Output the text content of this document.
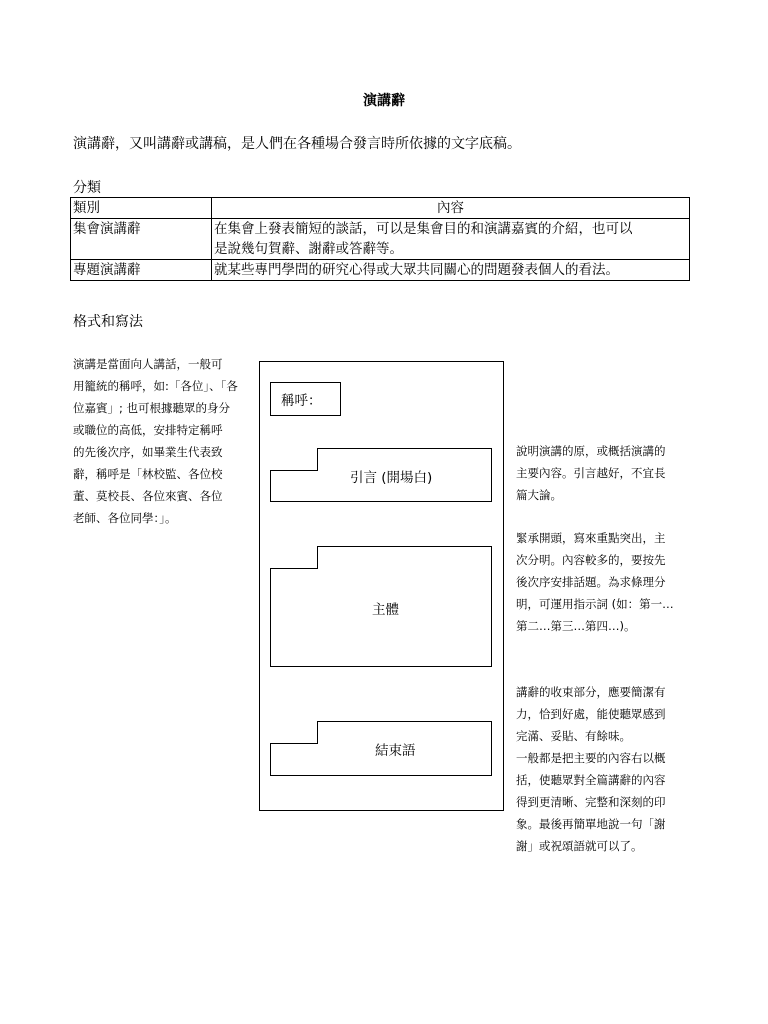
演講辭
演講辭，又叫講辭或講稿，是人們在各種場合發言時所依據的文字底稿。
分類
類別	內容
集會演講辭	在集會上發表簡短的談話，可以是集會目的和演講嘉賓的介紹，也可以
是說幾句賀辭、謝辭或答辭等。

專題演講辭	就某些專門學問的研究心得或大眾共同關心的問題發表個人的看法。
格式和寫法
演講是當面向人講話，一般可
用籠統的稱呼，如:「各位」、「各
位嘉賓」; 也可根據聽眾的身分
或職位的高低，安排特定稱呼
的先後次序，如畢業生代表致
辭，稱呼是「林校監、各位校
董、莫校長、各位來賓、各位
老師、各位同學：」。
稱呼：
引言 (開場白)
主體
結束語
說明演講的原，或概括演講的
主要內容。引言越好，不宜長
篇大論。
緊承開頭，寫來重點突出，主
次分明。內容較多的，要按先
後次序安排話題。為求條理分
明，可運用指示詞 (如：第一…
第二…第三…第四…)。
講辭的收束部分，應要簡潔有
力，恰到好處，能使聽眾感到
完滿、妥貼、有餘味。
一般都是把主要的內容右以概
括，使聽眾對全篇講辭的內容
得到更清晰、完整和深刻的印
象。最後再簡單地說一句「謝
謝」或祝頌語就可以了。
